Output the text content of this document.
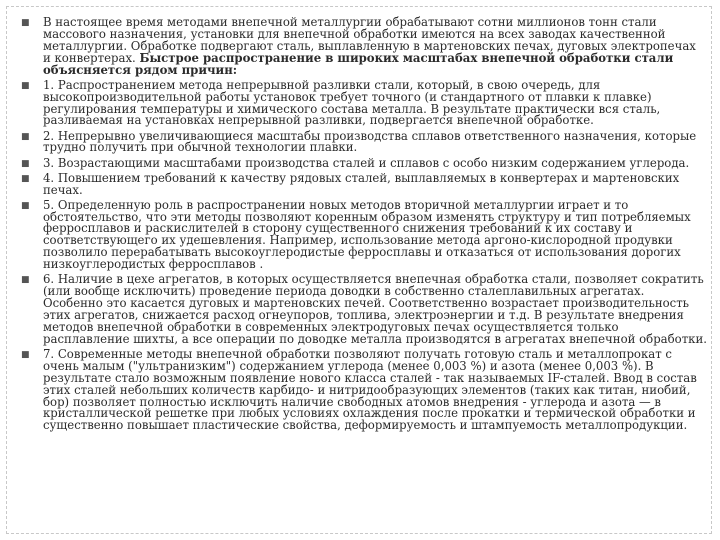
■ В настоящее время методами внепечной металлургии обрабатывают сотни миллионов тонн стали массового назначения, установки для внепечной обработки имеются на всех заводах качественной металлургии. Обработке подвергают сталь, выплавленную в мартеновских печах, дуговых электропечах и конвертерах. Быстрое распространение в широких масштабах внепечной обработки стали объясняется рядом причин:
■ 1. Распространением метода непрерывной разливки стали, который, в свою очередь, для высокопроизводительной работы установок требует точного (и стандартного от плавки к плавке) регулирования температуры и химического состава металла. В результате практически вся сталь, разливаемая на установках непрерывной разливки, подвергается внепечной обработке.
■ 2. Непрерывно увеличивающиеся масштабы производства сплавов ответственного назначения, которые трудно получить при обычной технологии плавки.
■ 3. Возрастающими масштабами производства сталей и сплавов с особо низким содержанием углерода.
■ 4. Повышением требований к качеству рядовых сталей, выплавляемых в конвертерах и мартеновских печах.
■ 5. Определенную роль в распространении новых методов вторичной металлургии играет и то обстоятельство, что эти методы позволяют коренным образом изменять структуру и тип потребляемых ферросплавов и раскислителей в сторону существенного снижения требований к их составу и соответствующего их удешевления. Например, использование метода аргоно-кислородной продувки позволило перерабатывать высокоуглеродистые ферросплавы и отказаться от использования дорогих низкоуглеродистых ферросплавов .
■ 6. Наличие в цехе агрегатов, в которых осуществляется внепечная обработка стали, позволяет сократить (или вообще исключить) проведение периода доводки в собственно сталеплавильных агрегатах. Особенно это касается дуговых и мартеновских печей. Соответственно возрастает производительность этих агрегатов, снижается расход огнеупоров, топлива, электроэнергии и т.д. В результате внедрения методов внепечной обработки в современных электродуговых печах осуществляется только расплавление шихты, а все операции по доводке металла производятся в агрегатах внепечной обработки.
■ 7. Современные методы внепечной обработки позволяют получать готовую сталь и металлопрокат с очень малым ("ультранизким") содержанием углерода (менее 0,003 %) и азота (менее 0,003 %). В результате стало возможным появление нового класса сталей - так называемых IF-сталей. Ввод в состав этих сталей небольших количеств карбидо- и нитридообразующих элементов (таких как титан, ниобий, бор) позволяет полностью исключить наличие свободных атомов внедрения - углерода и азота — в кристаллической решетке при любых условиях охлаждения после прокатки и термической обработки и существенно повышает пластические свойства, деформируемость и штампуемость металлопродукции.
